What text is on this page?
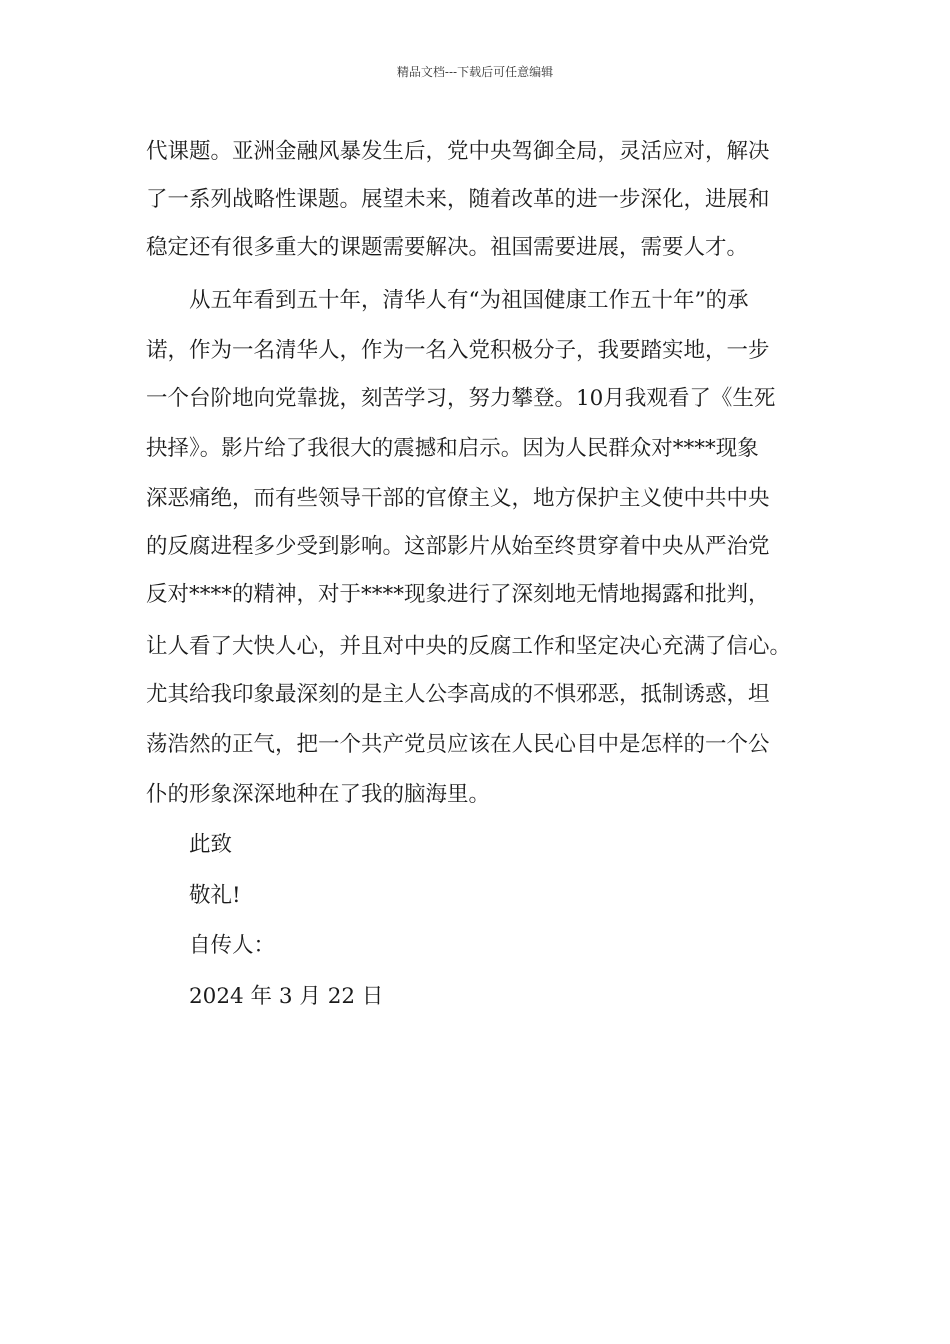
精品文档---下载后可任意编辑
代课题。亚洲金融风暴发生后，党中央驾御全局，灵活应对，解决
了一系列战略性课题。展望未来，随着改革的进一步深化，进展和
稳定还有很多重大的课题需要解决。祖国需要进展，需要人才。
　　从五年看到五十年，清华人有“为祖国健康工作五十年”的承
诺，作为一名清华人，作为一名入党积极分子，我要踏实地，一步
一个台阶地向党靠拢，刻苦学习，努力攀登。10月我观看了《生死
抉择》。影片给了我很大的震撼和启示。因为人民群众对****现象
深恶痛绝，而有些领导干部的官僚主义，地方保护主义使中共中央
的反腐进程多少受到影响。这部影片从始至终贯穿着中央从严治党
反对****的精神，对于****现象进行了深刻地无情地揭露和批判，
让人看了大快人心，并且对中央的反腐工作和坚定决心充满了信心。
尤其给我印象最深刻的是主人公李高成的不惧邪恶，抵制诱惑，坦
荡浩然的正气，把一个共产党员应该在人民心目中是怎样的一个公
仆的形象深深地种在了我的脑海里。
此致
敬礼!
自传人：
2024 年 3 月 22 日
